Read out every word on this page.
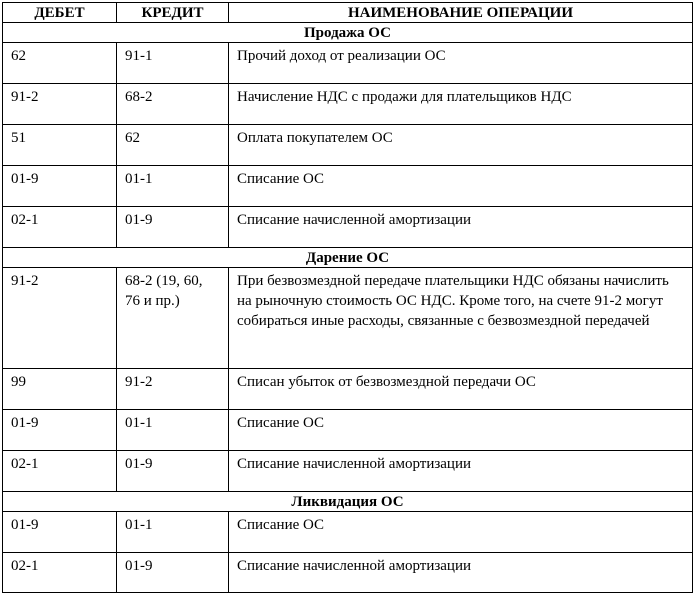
ДЕБЕТ	КРЕДИТ	НАИМЕНОВАНИЕ ОПЕРАЦИИ
Продажа ОС		
62	91-1	Прочий доход от реализации ОС
91-2	68-2	Начисление НДС с продажи для плательщиков НДС
51	62	Оплата покупателем ОС
01-9	01-1	Списание ОС
02-1	01-9	Списание начисленной амортизации
Дарение ОС		
91-2	68-2 (19, 60, 76 и пр.)	При безвозмездной передаче плательщики НДС обязаны начислить на рыночную стоимость ОС НДС. Кроме того, на счете 91-2 могут собираться иные расходы, связанные с безвозмездной передачей
99	91-2	Списан убыток от безвозмездной передачи ОС
01-9	01-1	Списание ОС
02-1	01-9	Списание начисленной амортизации
Ликвидация ОС		
01-9	01-1	Списание ОС
02-1	01-9	Списание начисленной амортизации
